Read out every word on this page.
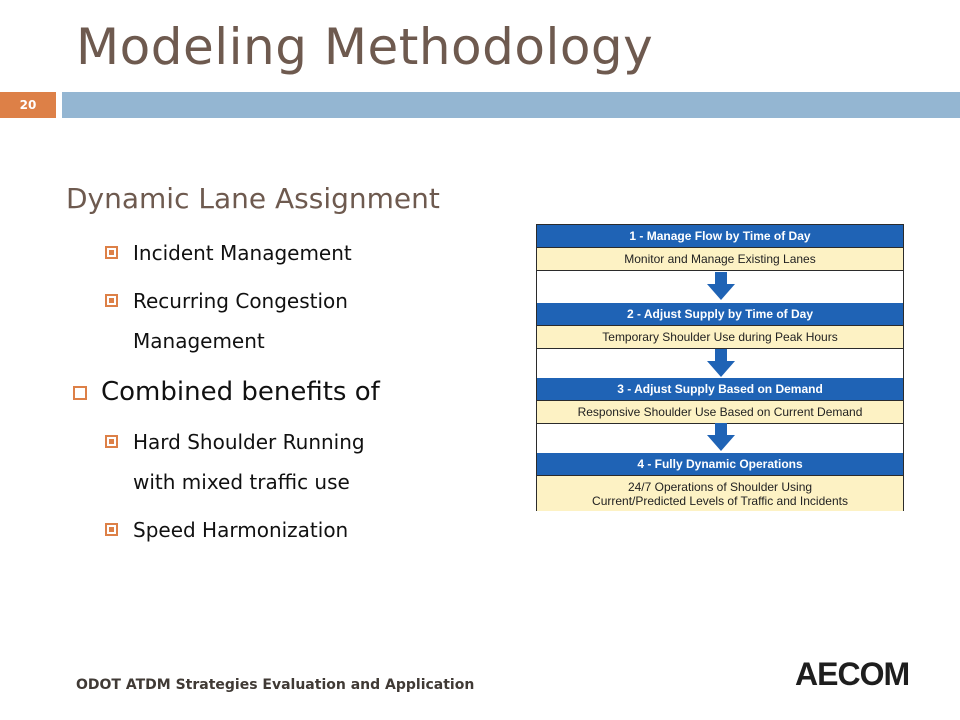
Modeling Methodology
20
Dynamic Lane Assignment
Incident Management
Recurring Congestion
Management
Combined benefits of
Hard Shoulder Running
with mixed traffic use
Speed Harmonization
1 - Manage Flow by Time of Day
Monitor and Manage Existing Lanes
2 - Adjust Supply by Time of Day
Temporary Shoulder Use during Peak Hours
3 - Adjust Supply Based on Demand
Responsive Shoulder Use Based on Current Demand
4 - Fully Dynamic Operations
24/7 Operations of Shoulder Using
Current/Predicted Levels of Traffic and Incidents
ODOT ATDM Strategies Evaluation and Application	AECOM
